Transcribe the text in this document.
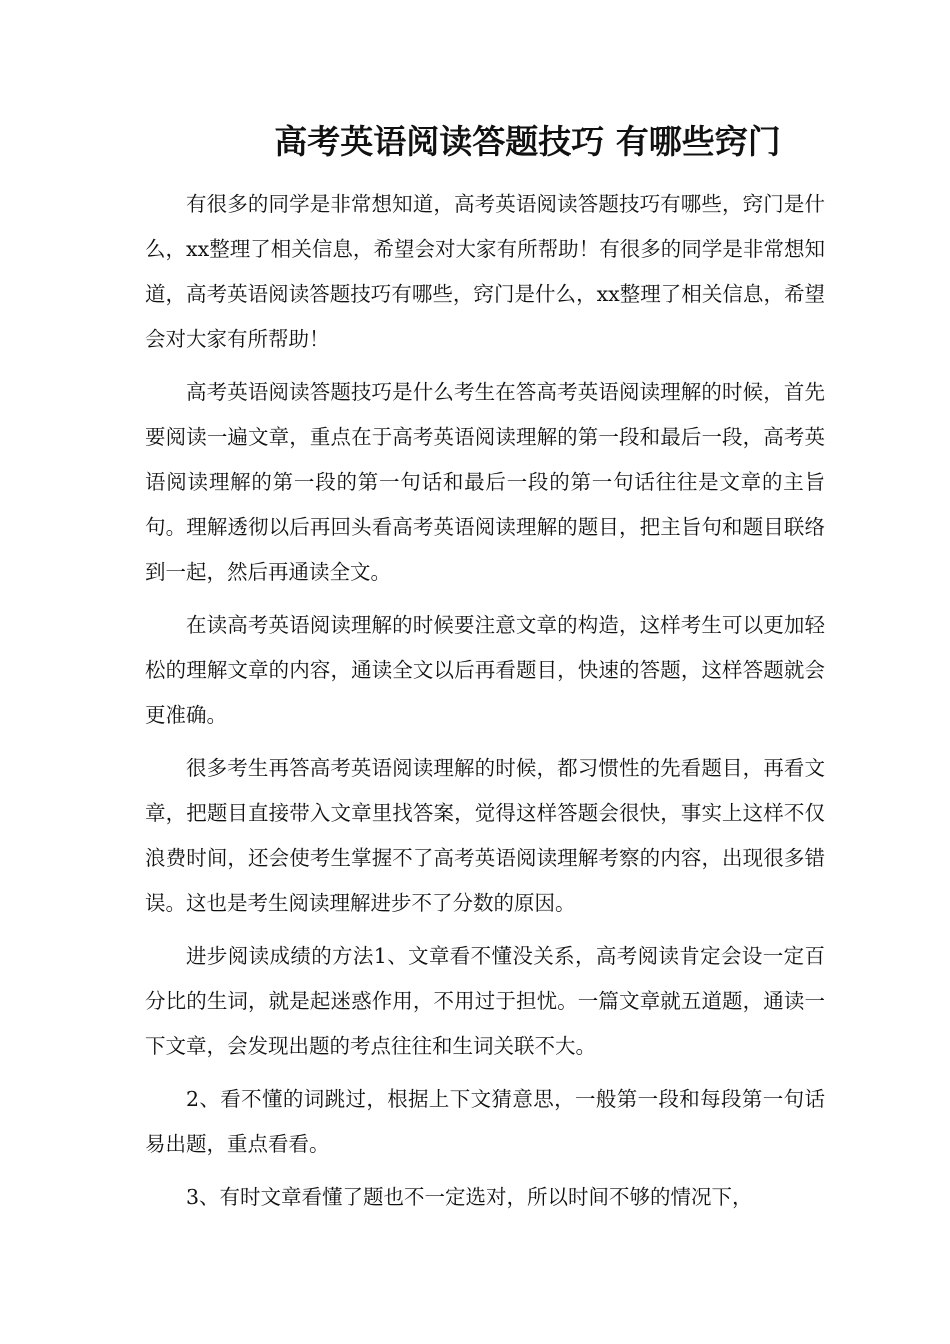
高考英语阅读答题技巧 有哪些窍门

有很多的同学是非常想知道，高考英语阅读答题技巧有哪些，窍门是什么，xx整理了相关信息，希望会对大家有所帮助！有很多的同学是非常想知道，高考英语阅读答题技巧有哪些，窍门是什么，xx整理了相关信息，希望会对大家有所帮助！

高考英语阅读答题技巧是什么考生在答高考英语阅读理解的时候，首先要阅读一遍文章，重点在于高考英语阅读理解的第一段和最后一段，高考英语阅读理解的第一段的第一句话和最后一段的第一句话往往是文章的主旨句。理解透彻以后再回头看高考英语阅读理解的题目，把主旨句和题目联络到一起，然后再通读全文。

在读高考英语阅读理解的时候要注意文章的构造，这样考生可以更加轻松的理解文章的内容，通读全文以后再看题目，快速的答题，这样答题就会更准确。

很多考生再答高考英语阅读理解的时候，都习惯性的先看题目，再看文章，把题目直接带入文章里找答案，觉得这样答题会很快，事实上这样不仅浪费时间，还会使考生掌握不了高考英语阅读理解考察的内容，出现很多错误。这也是考生阅读理解进步不了分数的原因。

进步阅读成绩的方法1、文章看不懂没关系，高考阅读肯定会设一定百分比的生词，就是起迷惑作用，不用过于担忧。一篇文章就五道题，通读一下文章，会发现出题的考点往往和生词关联不大。

2、看不懂的词跳过，根据上下文猜意思，一般第一段和每段第一句话易出题，重点看看。

3、有时文章看懂了题也不一定选对，所以时间不够的情况下，
